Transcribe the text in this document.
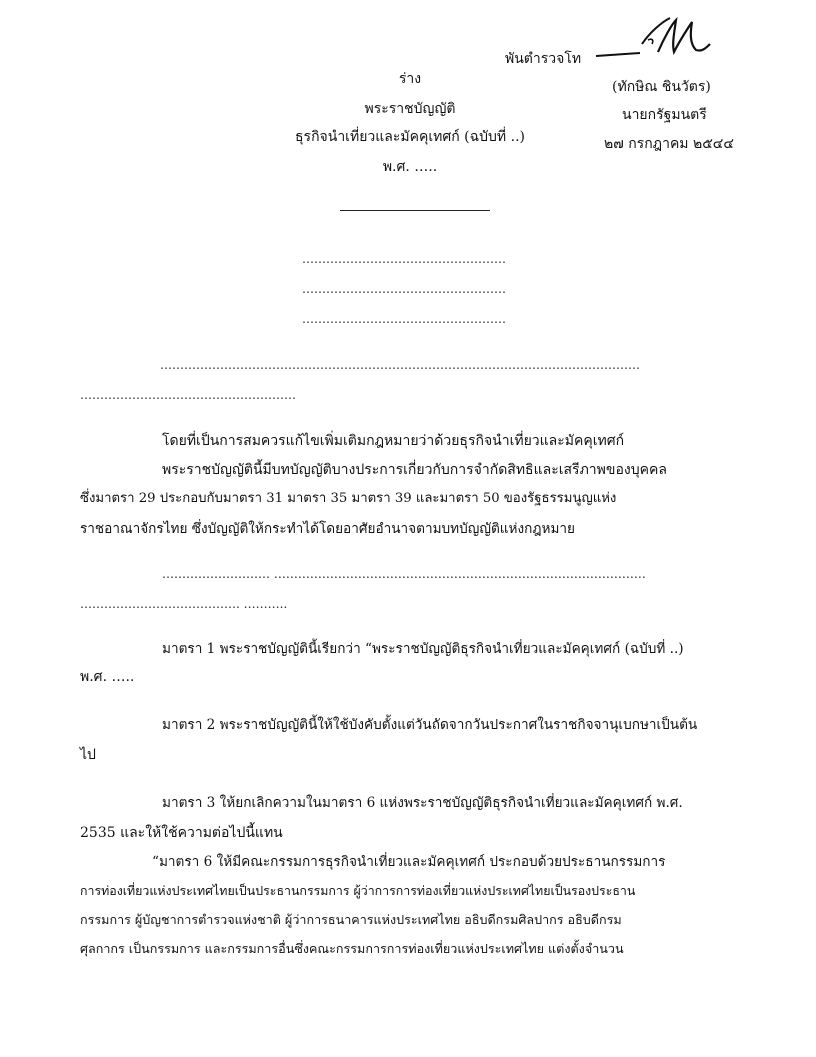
พันตำรวจโท
(ทักษิณ ชินวัตร)
นายกรัฐมนตรี
๒๗ กรกฎาคม ๒๕๔๔
ร่าง
พระราชบัญญัติ
ธุรกิจนำเที่ยวและมัคคุเทศก์ (ฉบับที่ ..)
พ.ศ. …..
……………………………………………
……………………………………………
……………………………………………
…………………………………………………………………………………………………………
………………………………………………
โดยที่เป็นการสมควรแก้ไขเพิ่มเติมกฎหมายว่าด้วยธุรกิจนำเที่ยวและมัคคุเทศก์
พระราชบัญญัตินี้มีบทบัญญัติบางประการเกี่ยวกับการจำกัดสิทธิและเสรีภาพของบุคคล
ซึ่งมาตรา 29 ประกอบกับมาตรา 31 มาตรา 35 มาตรา 39 และมาตรา 50 ของรัฐธรรมนูญแห่ง
ราชอาณาจักรไทย ซึ่งบัญญัติให้กระทำได้โดยอาศัยอำนาจตามบทบัญญัติแห่งกฎหมาย
……………………… …………………………………………………………………………………
…………………………………. ………..
มาตรา 1 พระราชบัญญัตินี้เรียกว่า “พระราชบัญญัติธุรกิจนำเที่ยวและมัคคุเทศก์ (ฉบับที่ ..)
พ.ศ. …..
มาตรา 2 พระราชบัญญัตินี้ให้ใช้บังคับตั้งแต่วันถัดจากวันประกาศในราชกิจจานุเบกษาเป็นต้น
ไป
มาตรา 3 ให้ยกเลิกความในมาตรา 6 แห่งพระราชบัญญัติธุรกิจนำเที่ยวและมัคคุเทศก์ พ.ศ.
2535 และให้ใช้ความต่อไปนี้แทน
“มาตรา 6 ให้มีคณะกรรมการธุรกิจนำเที่ยวและมัคคุเทศก์ ประกอบด้วยประธานกรรมการ
การท่องเที่ยวแห่งประเทศไทยเป็นประธานกรรมการ ผู้ว่าการการท่องเที่ยวแห่งประเทศไทยเป็นรองประธาน
กรรมการ ผู้บัญชาการตำรวจแห่งชาติ ผู้ว่าการธนาคารแห่งประเทศไทย อธิบดีกรมศิลปากร อธิบดีกรม
ศุลกากร เป็นกรรมการ และกรรมการอื่นซึ่งคณะกรรมการการท่องเที่ยวแห่งประเทศไทย แต่งตั้งจำนวน
